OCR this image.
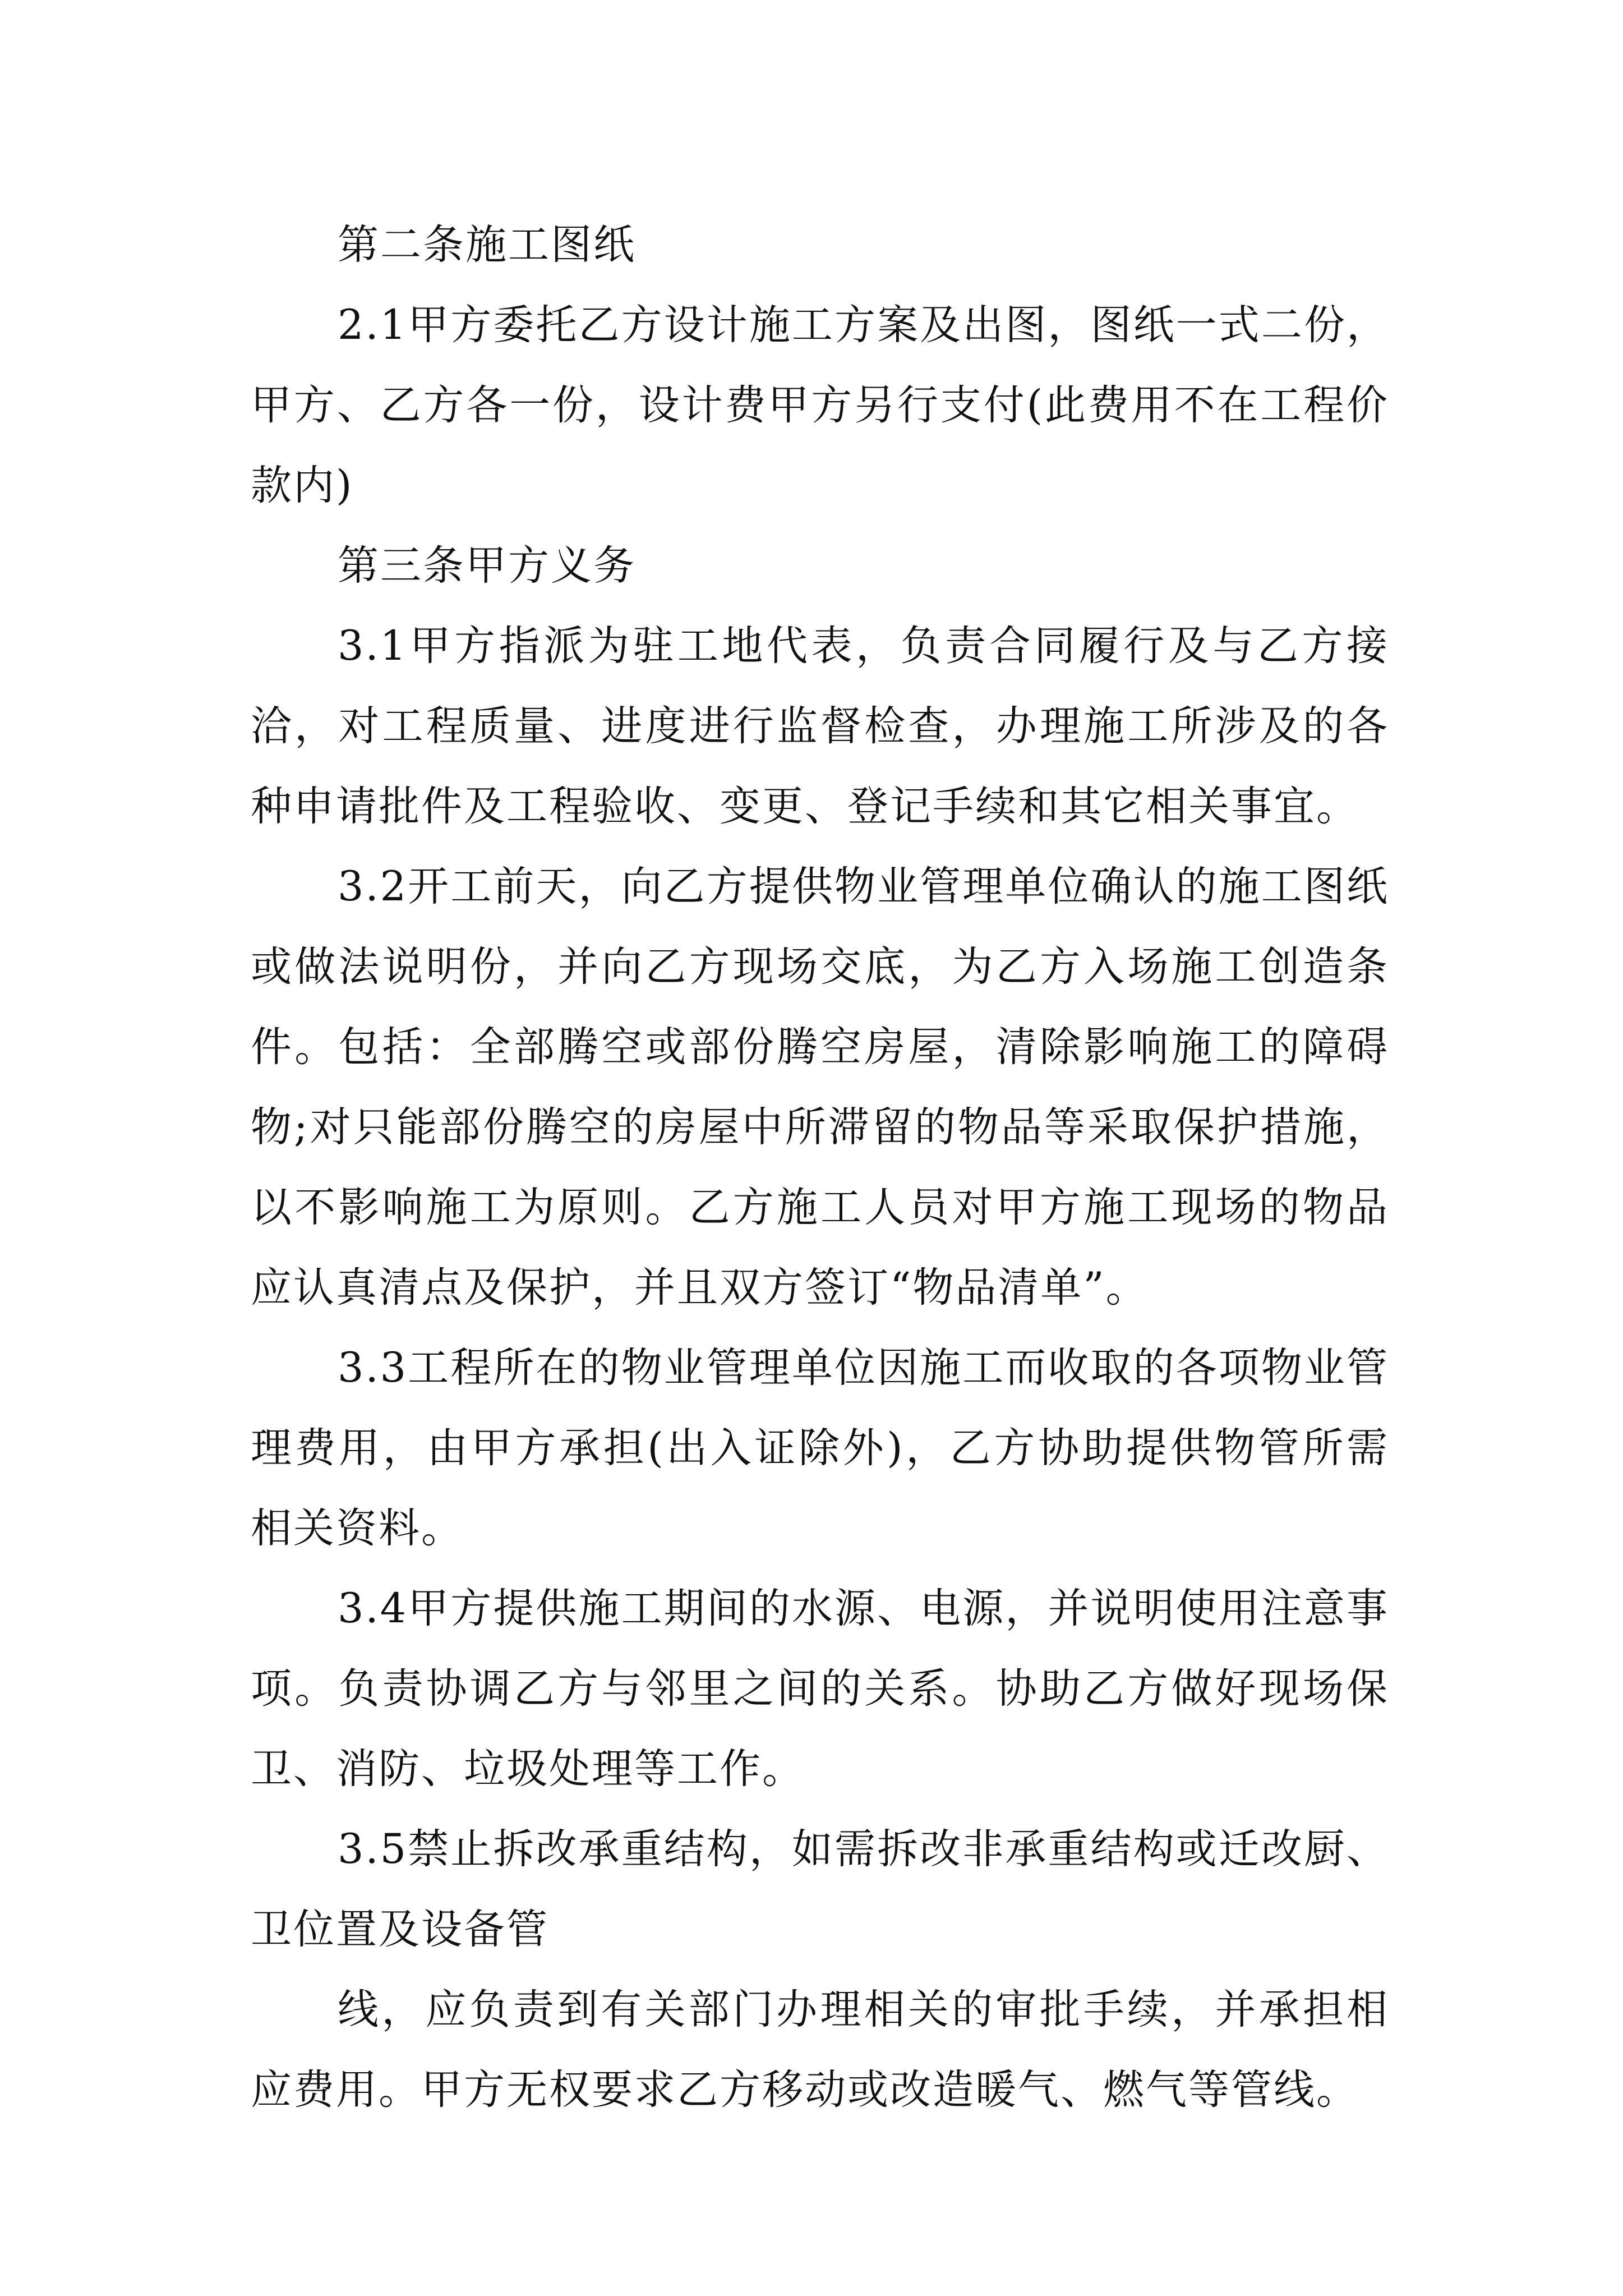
第二条施工图纸

2.1甲方委托乙方设计施工方案及出图，图纸一式二份，甲方、乙方各一份，设计费甲方另行支付(此费用不在工程价款内)

第三条甲方义务

3.1甲方指派为驻工地代表，负责合同履行及与乙方接洽，对工程质量、进度进行监督检查，办理施工所涉及的各种申请批件及工程验收、变更、登记手续和其它相关事宜。

3.2开工前天，向乙方提供物业管理单位确认的施工图纸或做法说明份，并向乙方现场交底，为乙方入场施工创造条件。包括：全部腾空或部份腾空房屋，清除影响施工的障碍物;对只能部份腾空的房屋中所滞留的物品等采取保护措施，以不影响施工为原则。乙方施工人员对甲方施工现场的物品应认真清点及保护，并且双方签订“物品清单”。

3.3工程所在的物业管理单位因施工而收取的各项物业管理费用，由甲方承担(出入证除外)，乙方协助提供物管所需相关资料。

3.4甲方提供施工期间的水源、电源，并说明使用注意事项。负责协调乙方与邻里之间的关系。协助乙方做好现场保卫、消防、垃圾处理等工作。

3.5禁止拆改承重结构，如需拆改非承重结构或迁改厨、卫位置及设备管

线，应负责到有关部门办理相关的审批手续，并承担相应费用。甲方无权要求乙方移动或改造暖气、燃气等管线。
